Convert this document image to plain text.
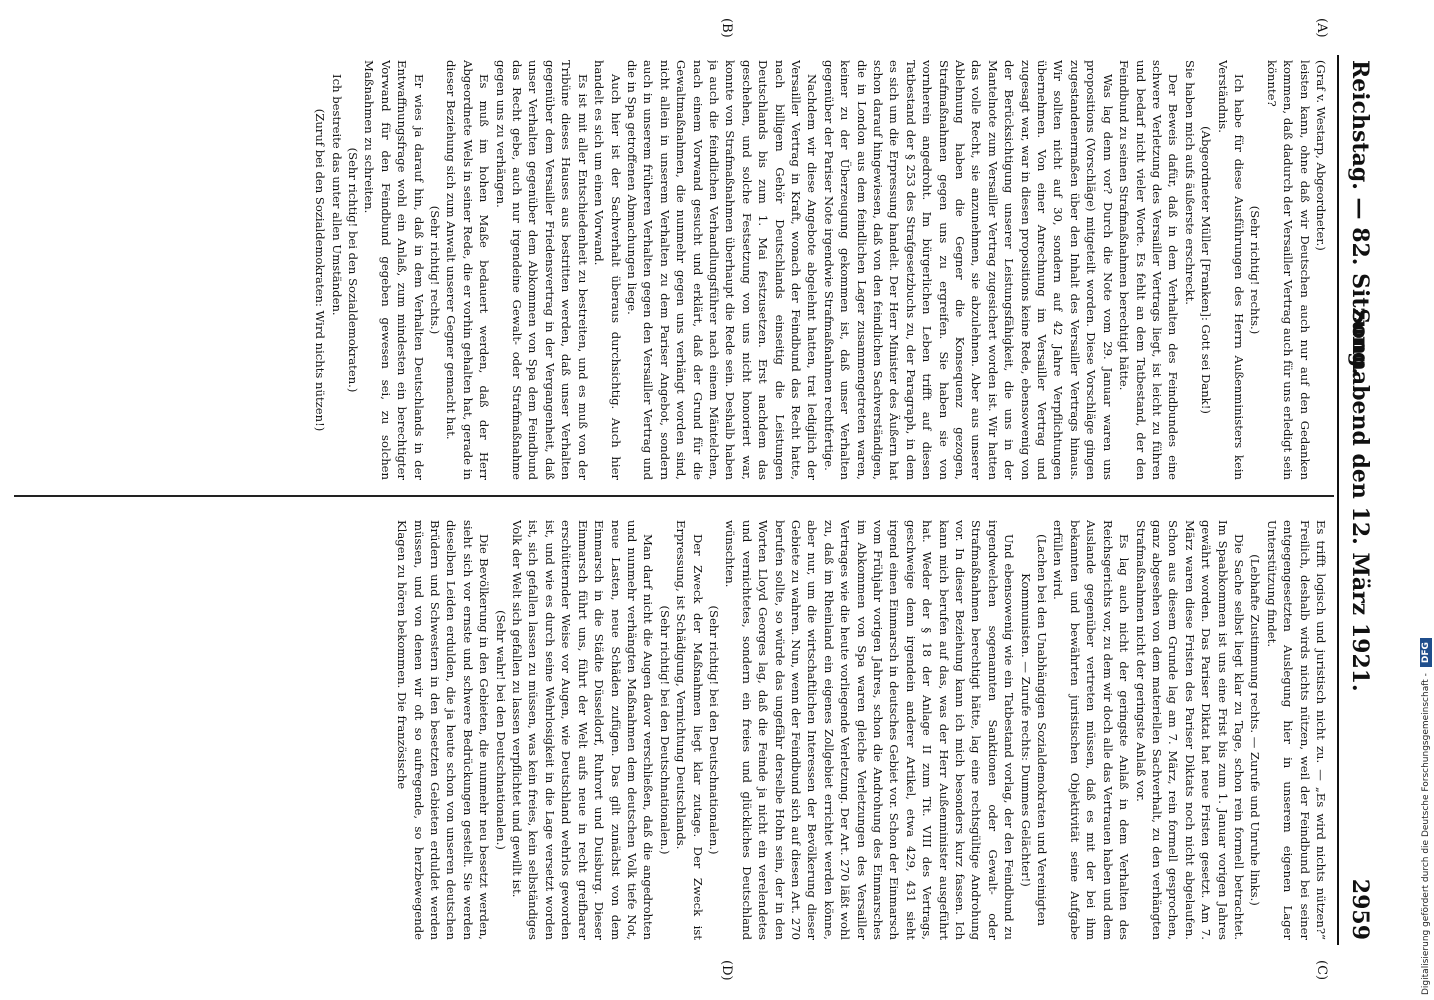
Reichstag. — 82. Sitzung.
Sonnabend den 12. März 1921.
2959
(A)
(B)
(C)
(D)

(Graf v. Westarp, Abgeordneter.)

leisten kann, ohne daß wir Deutschen auch nur auf den Gedanken kommen, daß dadurch der Versailler Vertrag auch für uns erledigt sein könnte?

(Sehr richtig! rechts.)

Ich habe für diese Ausführungen des Herrn Außenministers kein Verständnis.

(Abgeordneter Müller [Franken]: Gott sei Dank!)

Sie haben mich aufs äußerste erschreckt.

Der Beweis dafür, daß in dem Verhalten des Feindbundes eine schwere Verletzung des Versailler Vertrags liegt, ist leicht zu führen und bedarf nicht vieler Worte. Es fehlt an dem Tatbestand, der den Feindbund zu seinen Strafmaßnahmen berechtigt hätte.

Was lag denn vor? Durch die Note vom 29. Januar waren uns propositions (Vorschläge) mitgeteilt worden. Diese Vorschläge gingen zugestandenermaßen über den Inhalt des Versailler Vertrags hinaus. Wir sollten nicht auf 30, sondern auf 42 Jahre Verpflichtungen übernehmen. Von einer Anrechnung im Versailler Vertrag und zugesagt war, war in diesen propositions keine Rede, ebensowenig von der Berücksichtigung unserer Leistungsfähigkeit, die uns in der Mantelnote zum Versailler Vertrag zugesichert worden ist. Wir hatten das volle Recht, sie anzunehmen, sie abzulehnen. Aber aus unserer Ablehnung haben die Gegner die Konsequenz gezogen, Strafmaßnahmen gegen uns zu ergreifen. Sie haben sie von vornherein angedroht. Im bürgerlichen Leben trifft auf diesen Tatbestand der § 253 des Strafgesetzbuchs zu, der Paragraph, in dem es sich um die Erpressung handelt. Der Herr Minister des Äußern hat schon darauf hingewiesen, daß von den feindlichen Sachverständigen, die in London aus dem feindlichen Lager zusammengetreten waren, keiner zu der Überzeugung gekommen ist, daß unser Verhalten gegenüber der Pariser Note irgendwie Strafmaßnahmen rechtfertige.

Nachdem wir diese Angebote abgelehnt hatten, trat lediglich der Versailler Vertrag in Kraft, wonach der Feindbund das Recht hatte, nach billigem Gehör Deutschlands einseitig die Leistungen Deutschlands bis zum 1. Mai festzusetzen. Erst nachdem das geschehen, und solche Festsetzung von uns nicht honoriert war, konnte von Strafmaßnahmen überhaupt die Rede sein. Deshalb haben ja auch die feindlichen Verhandlungsführer nach einem Mäntelchen, nach einem Vorwand gesucht und erklärt, daß der Grund für die Gewaltmaßnahmen, die nunmehr gegen uns verhängt worden sind, nicht allein in unserem Verhalten zu dem Pariser Angebot, sondern auch in unserem früheren Verhalten gegen den Versailler Vertrag und die in Spa getroffenen Abmachungen liege.

Auch hier ist der Sachverhalt überaus durchsichtig. Auch hier handelt es sich um einen Vorwand.

Es ist mit aller Entschiedenheit zu bestreiten, und es muß von der Tribüne dieses Hauses aus bestritten werden, daß unser Verhalten gegenüber dem Versailler Friedensvertrag in der Vergangenheit, daß unser Verhalten gegenüber dem Abkommen von Spa dem Feindbund das Recht gebe, auch nur irgendeine Gewalt- oder Strafmaßnahme gegen uns zu verhängen.

Es muß im hohen Maße bedauert werden, daß der Herr Abgeordnete Wels in seiner Rede, die er vorhin gehalten hat, gerade in dieser Beziehung sich zum Anwalt unserer Gegner gemacht hat.

(Sehr richtig! rechts.)

Er wies ja darauf hin, daß in dem Verhalten Deutschlands in der Entwaffnungsfrage wohl ein Anlaß, zum mindesten ein berechtigter Vorwand für den Feindbund gegeben gewesen sei, zu solchen Maßnahmen zu schreiten.

(Sehr richtig! bei den Sozialdemokraten.)

Ich bestreite das unter allen Umständen.

(Zuruf bei den Sozialdemokraten: Wird nichts nützen!)

Es trifft logisch und juristisch nicht zu. — „Es wird nichts nützen?“ Freilich, deshalb wirds nichts nützen, weil der Feindbund bei seiner entgegengesetzten Auslegung hier in unserem eigenen Lager Unterstützung findet.

(Lebhafte Zustimmung rechts. — Zurufe und Unruhe links.)

Die Sache selbst liegt klar zu Tage, schon rein formell betrachtet. Im Spaabkommen ist uns eine Frist bis zum 1. Januar vorigen Jahres gewährt worden. Das Pariser Diktat hat neue Fristen gesetzt. Am 7. März waren diese Fristen des Pariser Diktats noch nicht abgelaufen. Schon aus diesem Grunde lag am 7. März, rein formell gesprochen, ganz abgesehen von dem materiellen Sachverhalt, zu den verhängten Strafmaßnahmen nicht der geringste Anlaß vor.

Es lag auch nicht der geringste Anlaß in dem Verhalten des Reichsgerichts vor, zu dem wir doch alle das Vertrauen haben und dem Auslande gegenüber vertreten müssen, daß es mit der bei ihm bekannten und bewährten juristischen Objektivität seine Aufgabe erfüllen wird.

(Lachen bei den Unabhängigen Sozialdemokraten und Vereinigten Kommunisten. — Zurufe rechts: Dummes Gelächter!)

Und ebensowenig wie ein Tatbestand vorlag, der den Feindbund zu irgendwelchen sogenannten Sanktionen oder Gewalt- oder Strafmaßnahmen berechtigt hätte, lag eine rechtsgültige Androhung vor. In dieser Beziehung kann ich mich besonders kurz fassen. Ich kann mich berufen auf das, was der Herr Außenminister ausgeführt hat. Weder der § 18 der Anlage II zum Tit. VIII des Vertrags, geschweige denn irgendein anderer Artikel, etwa 429, 431 sieht irgend einen Einmarsch in deutsches Gebiet vor. Schon der Einmarsch vom Frühjahr vorigen Jahres, schon die Androhung des Einmarsches im Abkommen von Spa waren gleiche Verletzungen des Versailler Vertrages wie die heute vorliegende Verletzung. Der Art. 270 läßt wohl zu, daß im Rheinland ein eigenes Zollgebiet errichtet werden könne, aber nur, um die wirtschaftlichen Interessen der Bevölkerung dieser Gebiete zu wahren. Nun, wenn der Feindbund sich auf diesen Art. 270 berufen sollte, so würde das ungefähr derselbe Hohn sein, der in den Worten Lloyd Georges lag, daß die Feinde ja nicht ein verelendetes und vernichtetes, sondern ein freies und glückliches Deutschland wünschten.

(Sehr richtig! bei den Deutschnationalen.)

Der Zweck der Maßnahmen liegt klar zutage. Der Zweck ist Erpressung, ist Schädigung, Vernichtung Deutschlands.

(Sehr richtig! bei den Deutschnationalen.)

Man darf nicht die Augen davor verschließen, daß die angedrohten und nunmehr verhängten Maßnahmen dem deutschen Volk tiefe Not, neue Lasten, neue Schäden zufügen. Das gilt zunächst von dem Einmarsch in die Städte Düsseldorf, Ruhrort und Duisburg. Dieser Einmarsch führt uns, führt der Welt aufs neue in recht greifbarer erschütternder Weise vor Augen, wie Deutschland wehrlos geworden ist, und wie es durch seine Wehrlosigkeit in die Lage versetzt worden ist, sich gefallen lassen zu müssen, was kein freies, kein selbständiges Volk der Welt sich gefallen zu lassen verpflichtet und gewillt ist.

(Sehr wahr! bei den Deutschnationalen.)

Die Bevölkerung in den Gebieten, die nunmehr neu besetzt werden, sieht sich vor ernste und schwere Bedrückungen gestellt. Sie werden dieselben Leiden erdulden, die ja heute schon von unseren deutschen Brüdern und Schwestern in den besetzten Gebieten erduldet werden müssen, und von denen wir oft so aufregende, so herzbewegende Klagen zu hören bekommen. Die französische

Digitalisierung gefördert durch die Deutsche Forschungsgemeinschaft -DFG
